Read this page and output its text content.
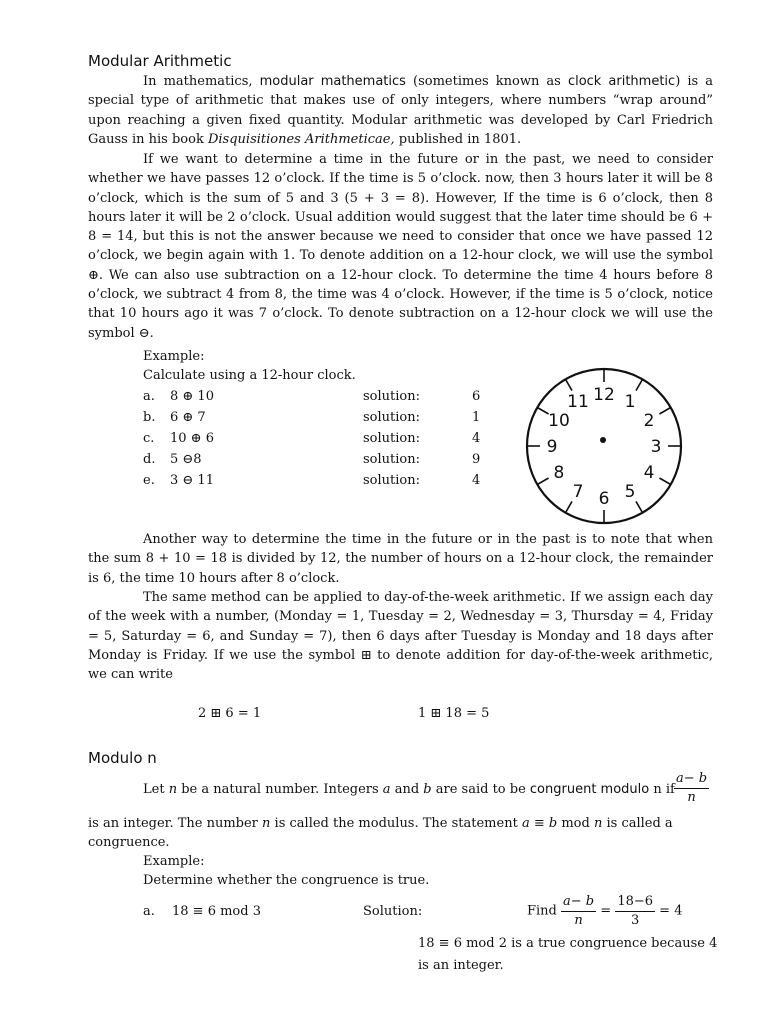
Modular Arithmetic

In mathematics, modular mathematics (sometimes known as clock arithmetic) is a special type of arithmetic that makes use of only integers, where numbers “wrap around” upon reaching a given fixed quantity. Modular arithmetic was developed by Carl Friedrich Gauss in his book Disquisitiones Arithmeticae, published in 1801.

If we want to determine a time in the future or in the past, we need to consider whether we have passes 12 o’clock. If the time is 5 o’clock. now, then 3 hours later it will be 8 o’clock, which is the sum of 5 and 3 (5 + 3 = 8). However, If the time is 6 o’clock, then 8 hours later it will be 2 o’clock. Usual addition would suggest that the later time should be 6 + 8 = 14, but this is not the answer because we need to consider that once we have passed 12 o’clock, we begin again with 1. To denote addition on a 12-hour clock, we will use the symbol ⊕. We can also use subtraction on a 12-hour clock. To determine the time 4 hours before 8 o’clock, we subtract 4 from 8, the time was 4 o’clock. However, if the time is 5 o’clock, notice that 10 hours ago it was 7 o’clock. To denote subtraction on a 12-hour clock we will use the symbol ⊖.

Example:
Calculate using a 12-hour clock.
a. 8 ⊕ 10	solution:	6
b. 6 ⊕ 7	solution:	1
c. 10 ⊕ 6	solution:	4
d. 5 ⊖8	solution:	9
e. 3 ⊖ 11	solution:	4
12 1
2
3
4
5
6
7
8
9
10
11

Another way to determine the time in the future or in the past is to note that when the sum 8 + 10 = 18 is divided by 12, the number of hours on a 12-hour clock, the remainder is 6, the time 10 hours after 8 o’clock.

The same method can be applied to day-of-the-week arithmetic. If we assign each day of the week with a number, (Monday = 1, Tuesday = 2, Wednesday = 3, Thursday = 4, Friday = 5, Saturday = 6, and Sunday = 7), then 6 days after Tuesday is Monday and 18 days after Monday is Friday. If we use the symbol ⊞ to denote addition for day-of-the-week arithmetic, we can write

2 ⊞ 6 = 1	1 ⊞ 18 = 5
Modulo n
Let n be a natural number. Integers a and b are said to be congruent modulo n if $\frac{a- b}{n}$
is an integer. The number n is called the modulus. The statement a ≡ b mod n is called a
congruence.
Example:
Determine whether the congruence is true.
a. 18 ≡ 6 mod 3	Solution:	Find $\frac{a- b}{n} = \frac{18-6}{3} = 4$
18 ≡ 6 mod 2 is a true congruence because 4
is an integer.
